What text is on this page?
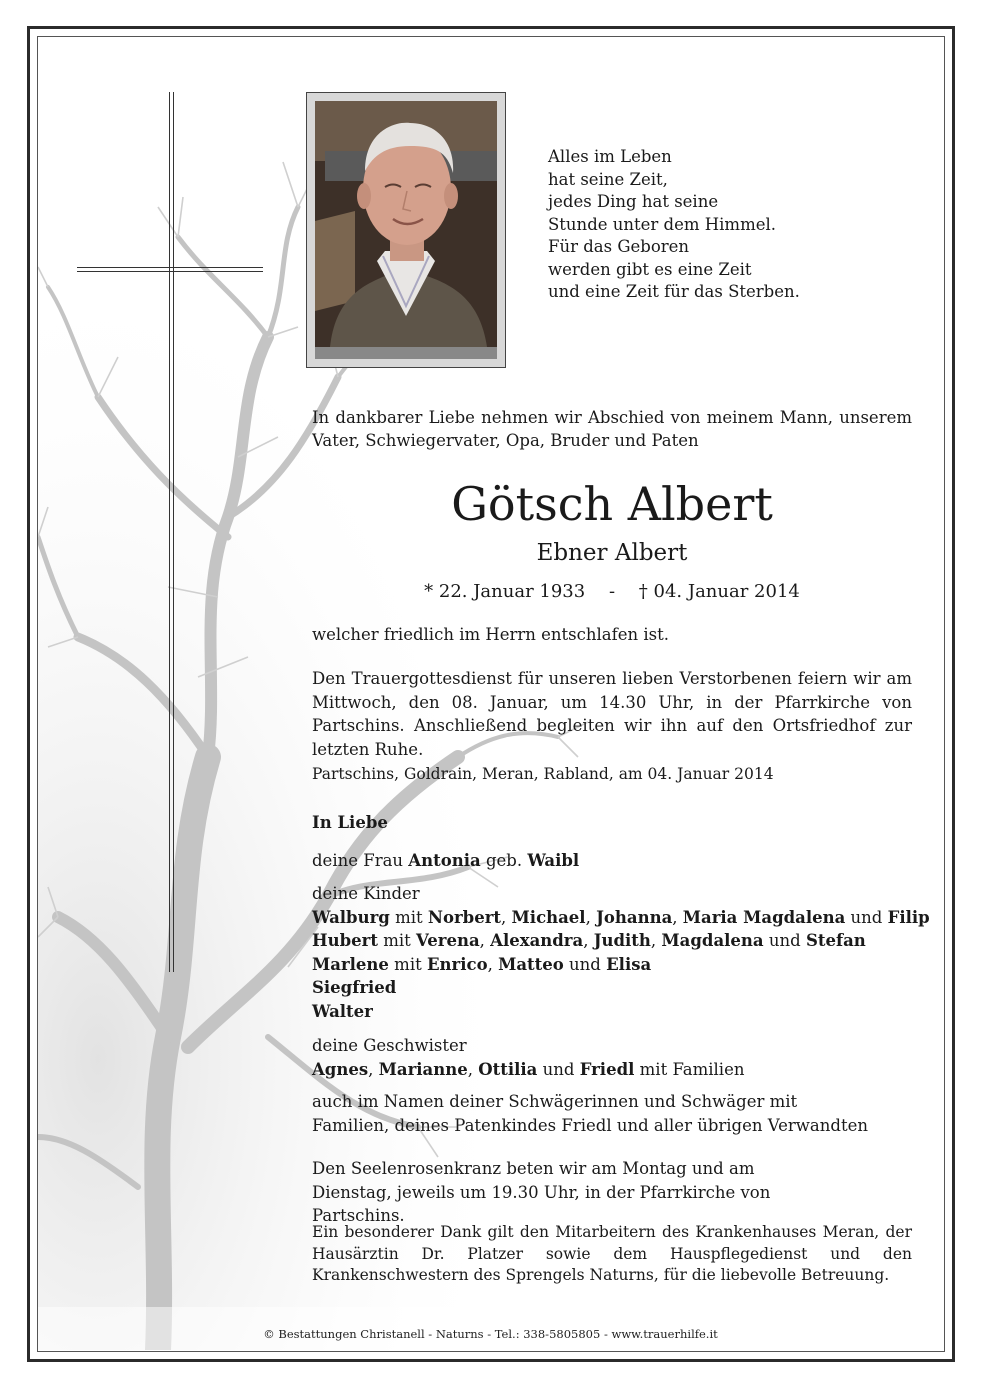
Alles im Leben
hat seine Zeit,
jedes Ding hat seine
Stunde unter dem Himmel.
Für das Geboren
werden gibt es eine Zeit
und eine Zeit für das Sterben.
In dankbarer Liebe nehmen wir Abschied von meinem Mann, unserem Vater, Schwiegervater, Opa, Bruder und Paten
Götsch Albert
Ebner Albert
* 22. Januar 1933 - † 04. Januar 2014
welcher friedlich im Herrn entschlafen ist.
Den Trauergottesdienst für unseren lieben Verstorbenen feiern wir am Mittwoch, den 08. Januar, um 14.30 Uhr, in der Pfarrkirche von Partschins. Anschließend begleiten wir ihn auf den Ortsfriedhof zur letzten Ruhe.
Partschins, Goldrain, Meran, Rabland, am 04. Januar 2014
In Liebe
deine Frau Antonia geb. Waibl
deine Kinder
Walburg mit Norbert, Michael, Johanna, Maria Magdalena und Filip
Hubert mit Verena, Alexandra, Judith, Magdalena und Stefan
Marlene mit Enrico, Matteo und Elisa
Siegfried
Walter
deine Geschwister
Agnes, Marianne, Ottilia und Friedl mit Familien
auch im Namen deiner Schwägerinnen und Schwäger mit Familien, deines Patenkindes Friedl und aller übrigen Verwandten
Den Seelenrosenkranz beten wir am Montag und am Dienstag, jeweils um 19.30 Uhr, in der Pfarrkirche von Partschins.
Ein besonderer Dank gilt den Mitarbeitern des Krankenhauses Meran, der Hausärztin Dr. Platzer sowie dem Hauspflegedienst und den Krankenschwestern des Sprengels Naturns, für die liebevolle Betreuung.
© Bestattungen Christanell - Naturns - Tel.: 338-5805805 - www.trauerhilfe.it
